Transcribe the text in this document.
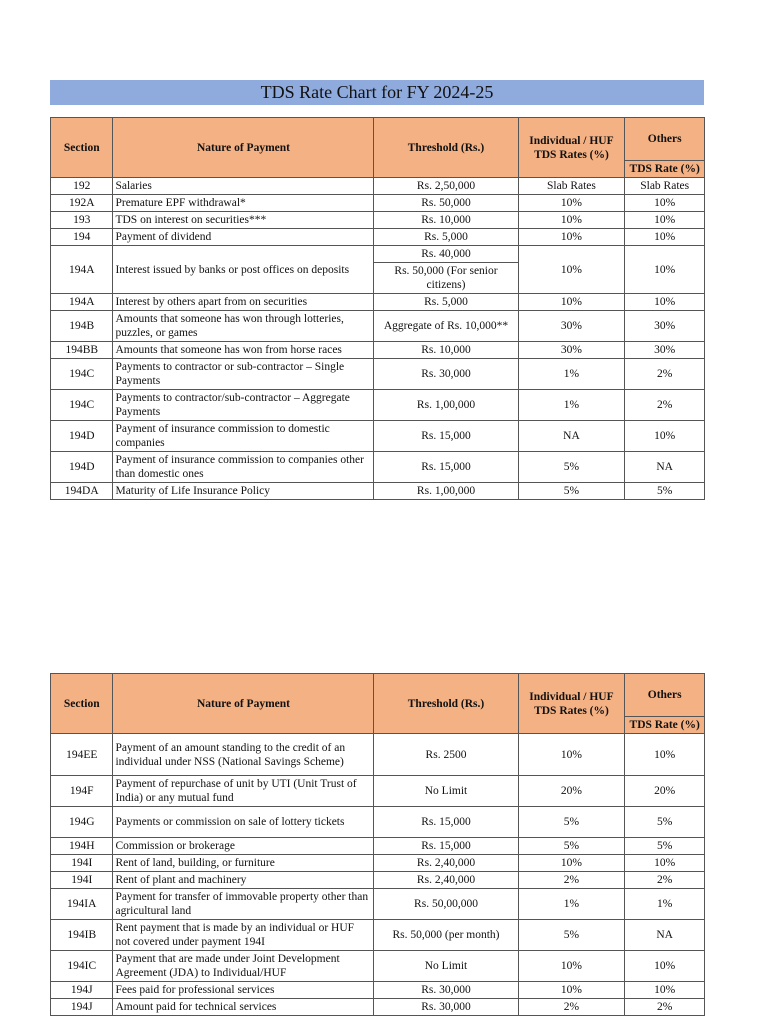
TDS Rate Chart for FY 2024-25
Section	Nature of Payment	Threshold (Rs.)	Individual / HUF TDS Rates (%)	Others
				TDS Rate (%)
192	Salaries	Rs. 2,50,000	Slab Rates	Slab Rates
192A	Premature EPF withdrawal*	Rs. 50,000	10%	10%
193	TDS on interest on securities***	Rs. 10,000	10%	10%
194	Payment of dividend	Rs. 5,000	10%	10%
194A	Interest issued by banks or post offices on deposits	Rs. 40,000	10%	10%
		Rs. 50,000 (For senior citizens)		
194A	Interest by others apart from on securities	Rs. 5,000	10%	10%
194B	Amounts that someone has won through lotteries, puzzles, or games	Aggregate of Rs. 10,000**	30%	30%
194BB	Amounts that someone has won from horse races	Rs. 10,000	30%	30%
194C	Payments to contractor or sub-contractor – Single Payments	Rs. 30,000	1%	2%
194C	Payments to contractor/sub-contractor – Aggregate Payments	Rs. 1,00,000	1%	2%
194D	Payment of insurance commission to domestic companies	Rs. 15,000	NA	10%
194D	Payment of insurance commission to companies other than domestic ones	Rs. 15,000	5%	NA
194DA	Maturity of Life Insurance Policy	Rs. 1,00,000	5%	5%
Section	Nature of Payment	Threshold (Rs.)	Individual / HUF TDS Rates (%)	Others
				TDS Rate (%)
194EE	Payment of an amount standing to the credit of an individual under NSS (National Savings Scheme)	Rs. 2500	10%	10%
194F	Payment of repurchase of unit by UTI (Unit Trust of India) or any mutual fund	No Limit	20%	20%
194G	Payments or commission on sale of lottery tickets	Rs. 15,000	5%	5%
194H	Commission or brokerage	Rs. 15,000	5%	5%
194I	Rent of land, building, or furniture	Rs. 2,40,000	10%	10%
194I	Rent of plant and machinery	Rs. 2,40,000	2%	2%
194IA	Payment for transfer of immovable property other than agricultural land	Rs. 50,00,000	1%	1%
194IB	Rent payment that is made by an individual or HUF not covered under payment 194I	Rs. 50,000 (per month)	5%	NA
194IC	Payment that are made under Joint Development Agreement (JDA) to Individual/HUF	No Limit	10%	10%
194J	Fees paid for professional services	Rs. 30,000	10%	10%
194J	Amount paid for technical services	Rs. 30,000	2%	2%
